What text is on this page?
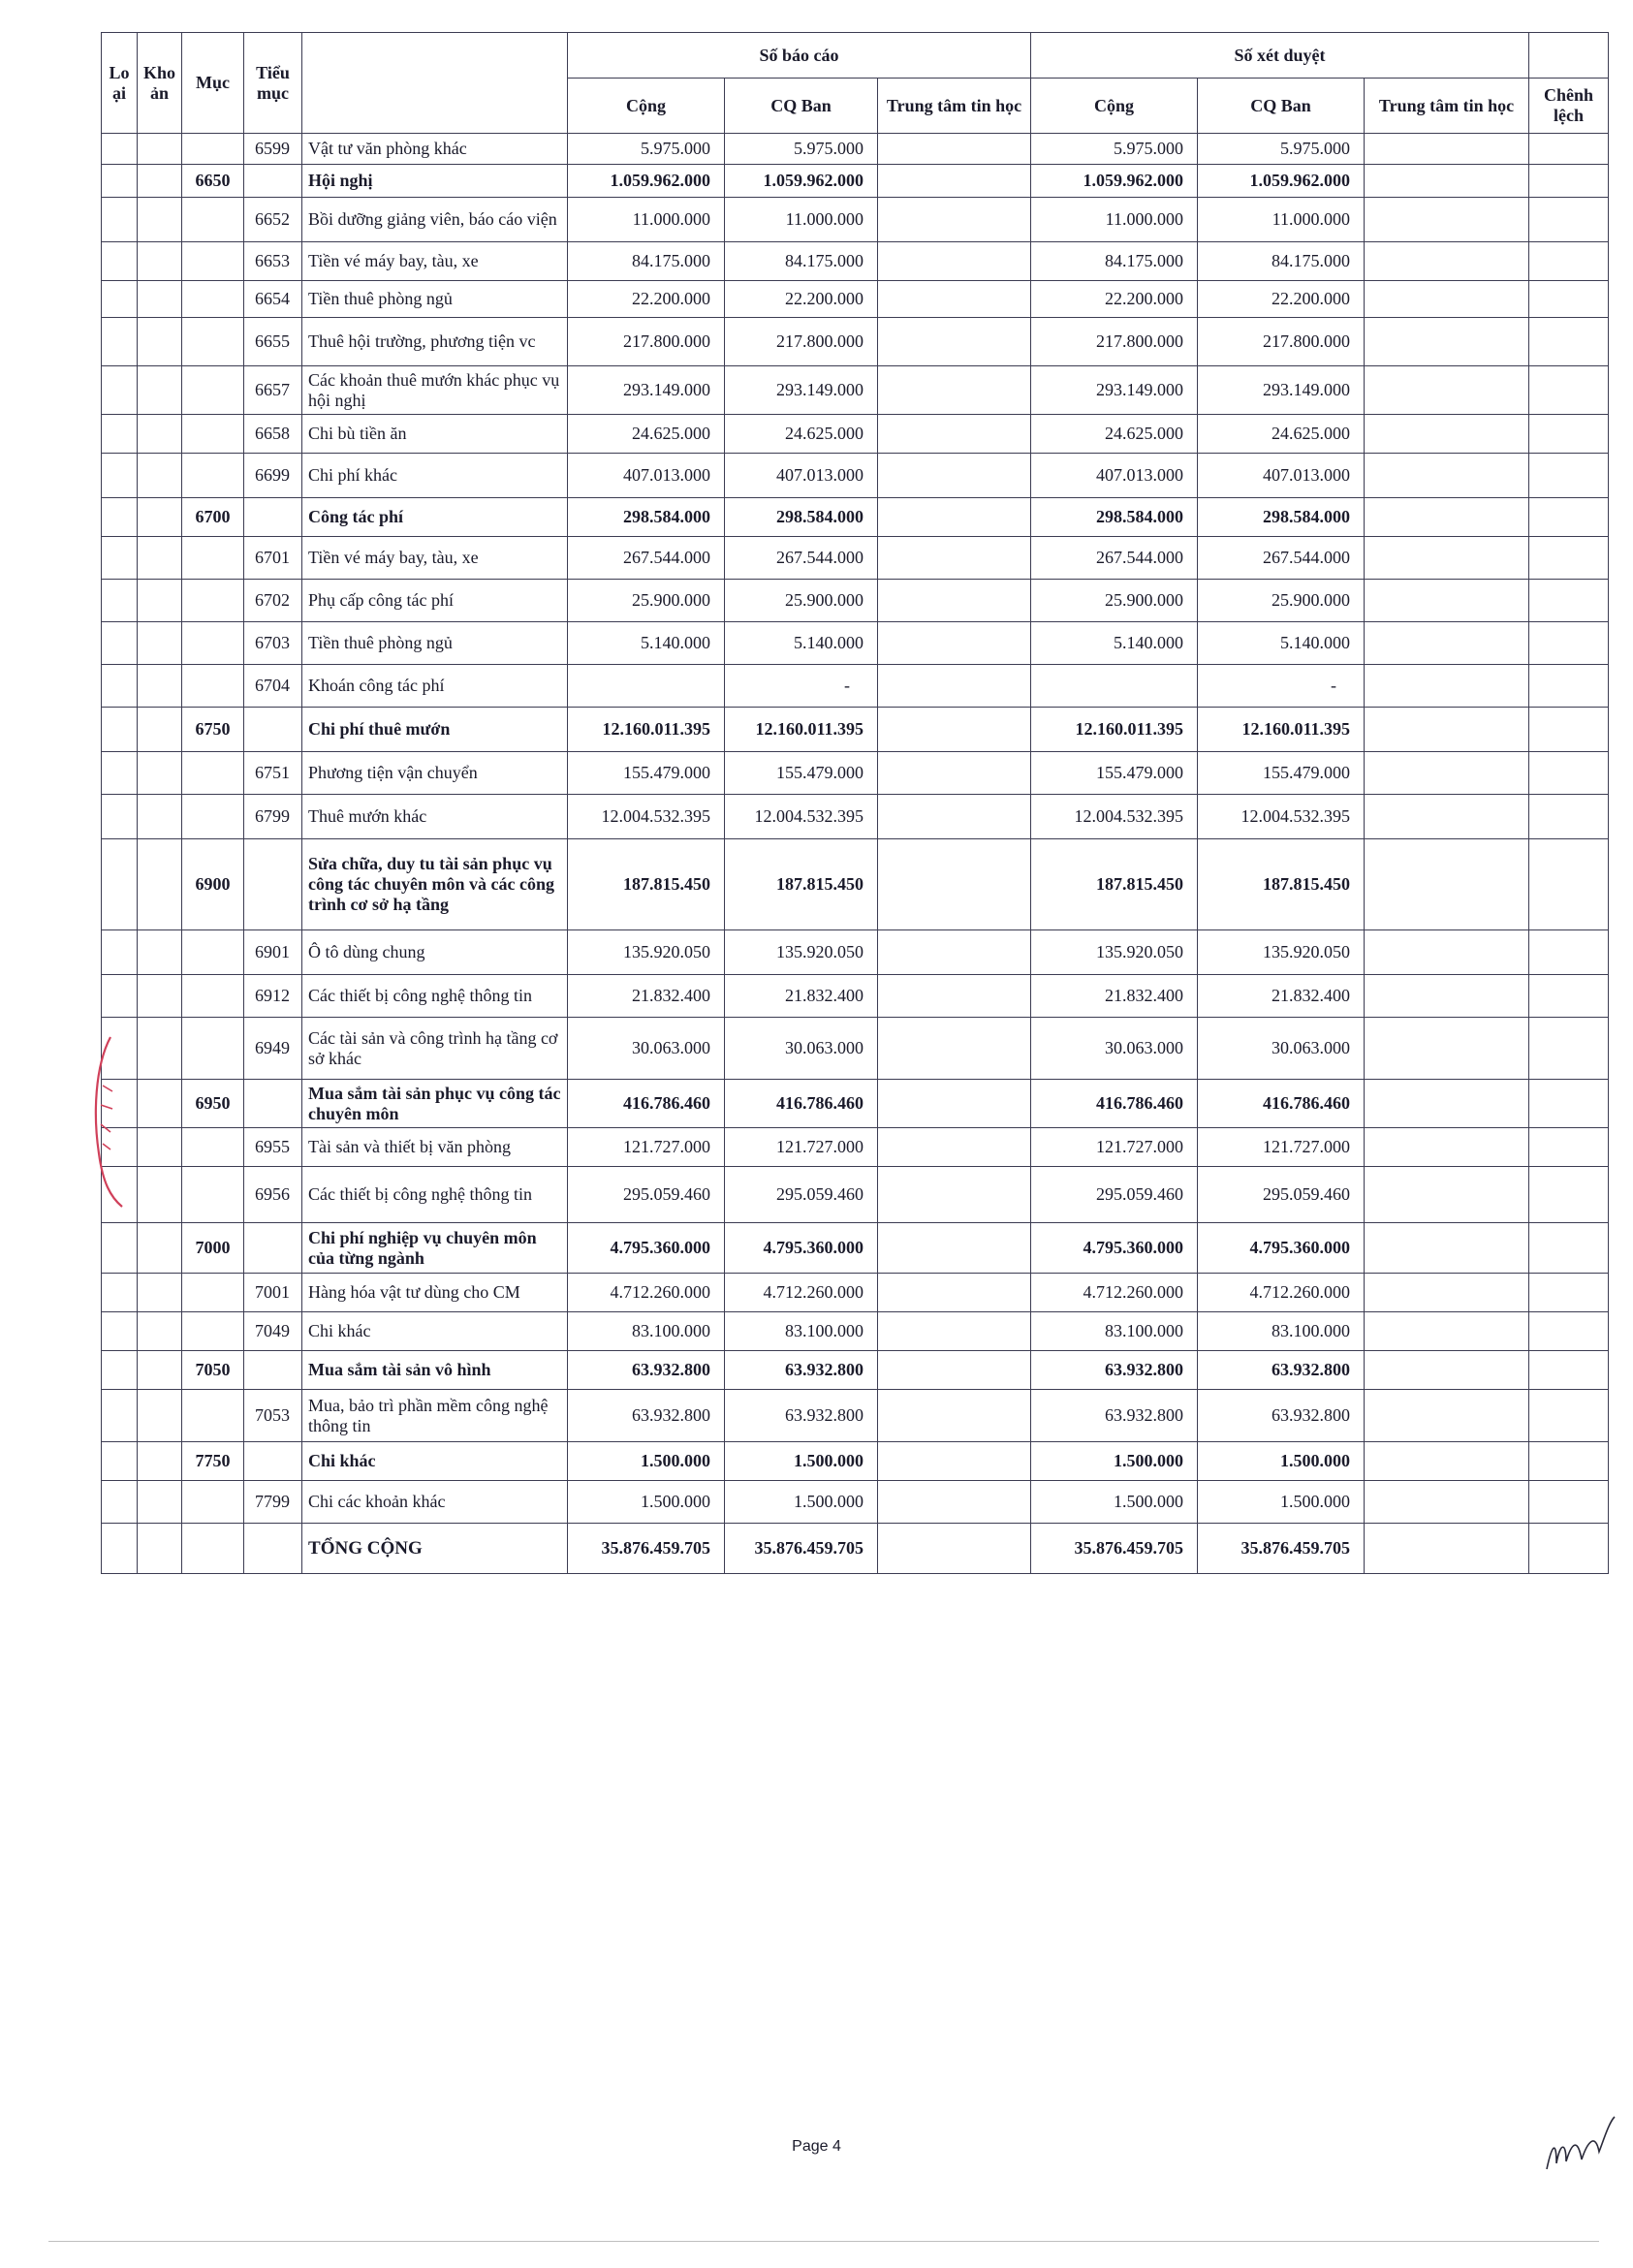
Lo ại	Kho ản	Mục	Tiểu mục		Số báo cáo			Số xét duyệt			
					Cộng	CQ Ban	Trung tâm tin học	Cộng	CQ Ban	Trung tâm tin học	Chênh lệch
			6599	Vật tư văn phòng khác	5.975.000	5.975.000		5.975.000	5.975.000		
		6650		Hội nghị	1.059.962.000	1.059.962.000		1.059.962.000	1.059.962.000		
			6652	Bồi dưỡng giảng viên, báo cáo viện	11.000.000	11.000.000		11.000.000	11.000.000		
			6653	Tiền vé máy bay, tàu, xe	84.175.000	84.175.000		84.175.000	84.175.000		
			6654	Tiền thuê phòng ngủ	22.200.000	22.200.000		22.200.000	22.200.000		
			6655	Thuê hội trường, phương tiện vc	217.800.000	217.800.000		217.800.000	217.800.000		
			6657	Các khoản thuê mướn khác phục vụ hội nghị	293.149.000	293.149.000		293.149.000	293.149.000		
			6658	Chi bù tiền ăn	24.625.000	24.625.000		24.625.000	24.625.000		
			6699	Chi phí khác	407.013.000	407.013.000		407.013.000	407.013.000		
		6700		Công tác phí	298.584.000	298.584.000		298.584.000	298.584.000		
			6701	Tiền vé máy bay, tàu, xe	267.544.000	267.544.000		267.544.000	267.544.000		
			6702	Phụ cấp công tác phí	25.900.000	25.900.000		25.900.000	25.900.000		
			6703	Tiền thuê phòng ngủ	5.140.000	5.140.000		5.140.000	5.140.000		
			6704	Khoán công tác phí		-			-		
		6750		Chi phí thuê mướn	12.160.011.395	12.160.011.395		12.160.011.395	12.160.011.395		
			6751	Phương tiện vận chuyển	155.479.000	155.479.000		155.479.000	155.479.000		
			6799	Thuê mướn khác	12.004.532.395	12.004.532.395		12.004.532.395	12.004.532.395		
		6900		Sửa chữa, duy tu tài sản phục vụ công tác chuyên môn và các công trình cơ sở hạ tầng	187.815.450	187.815.450		187.815.450	187.815.450		
			6901	Ô tô dùng chung	135.920.050	135.920.050		135.920.050	135.920.050		
			6912	Các thiết bị công nghệ thông tin	21.832.400	21.832.400		21.832.400	21.832.400		
			6949	Các tài sản và công trình hạ tầng cơ sở khác	30.063.000	30.063.000		30.063.000	30.063.000		
		6950		Mua sắm tài sản phục vụ công tác chuyên môn	416.786.460	416.786.460		416.786.460	416.786.460		
			6955	Tài sản và thiết bị văn phòng	121.727.000	121.727.000		121.727.000	121.727.000		
			6956	Các thiết bị công nghệ thông tin	295.059.460	295.059.460		295.059.460	295.059.460		
		7000		Chi phí nghiệp vụ chuyên môn của từng ngành	4.795.360.000	4.795.360.000		4.795.360.000	4.795.360.000		
			7001	Hàng hóa vật tư dùng cho CM	4.712.260.000	4.712.260.000		4.712.260.000	4.712.260.000		
			7049	Chi khác	83.100.000	83.100.000		83.100.000	83.100.000		
		7050		Mua sắm tài sản vô hình	63.932.800	63.932.800		63.932.800	63.932.800		
			7053	Mua, bảo trì phần mềm công nghệ thông tin	63.932.800	63.932.800		63.932.800	63.932.800		
		7750		Chi khác	1.500.000	1.500.000		1.500.000	1.500.000		
			7799	Chi các khoản khác	1.500.000	1.500.000		1.500.000	1.500.000		
				TỔNG CỘNG	35.876.459.705	35.876.459.705		35.876.459.705	35.876.459.705		
Page 4
